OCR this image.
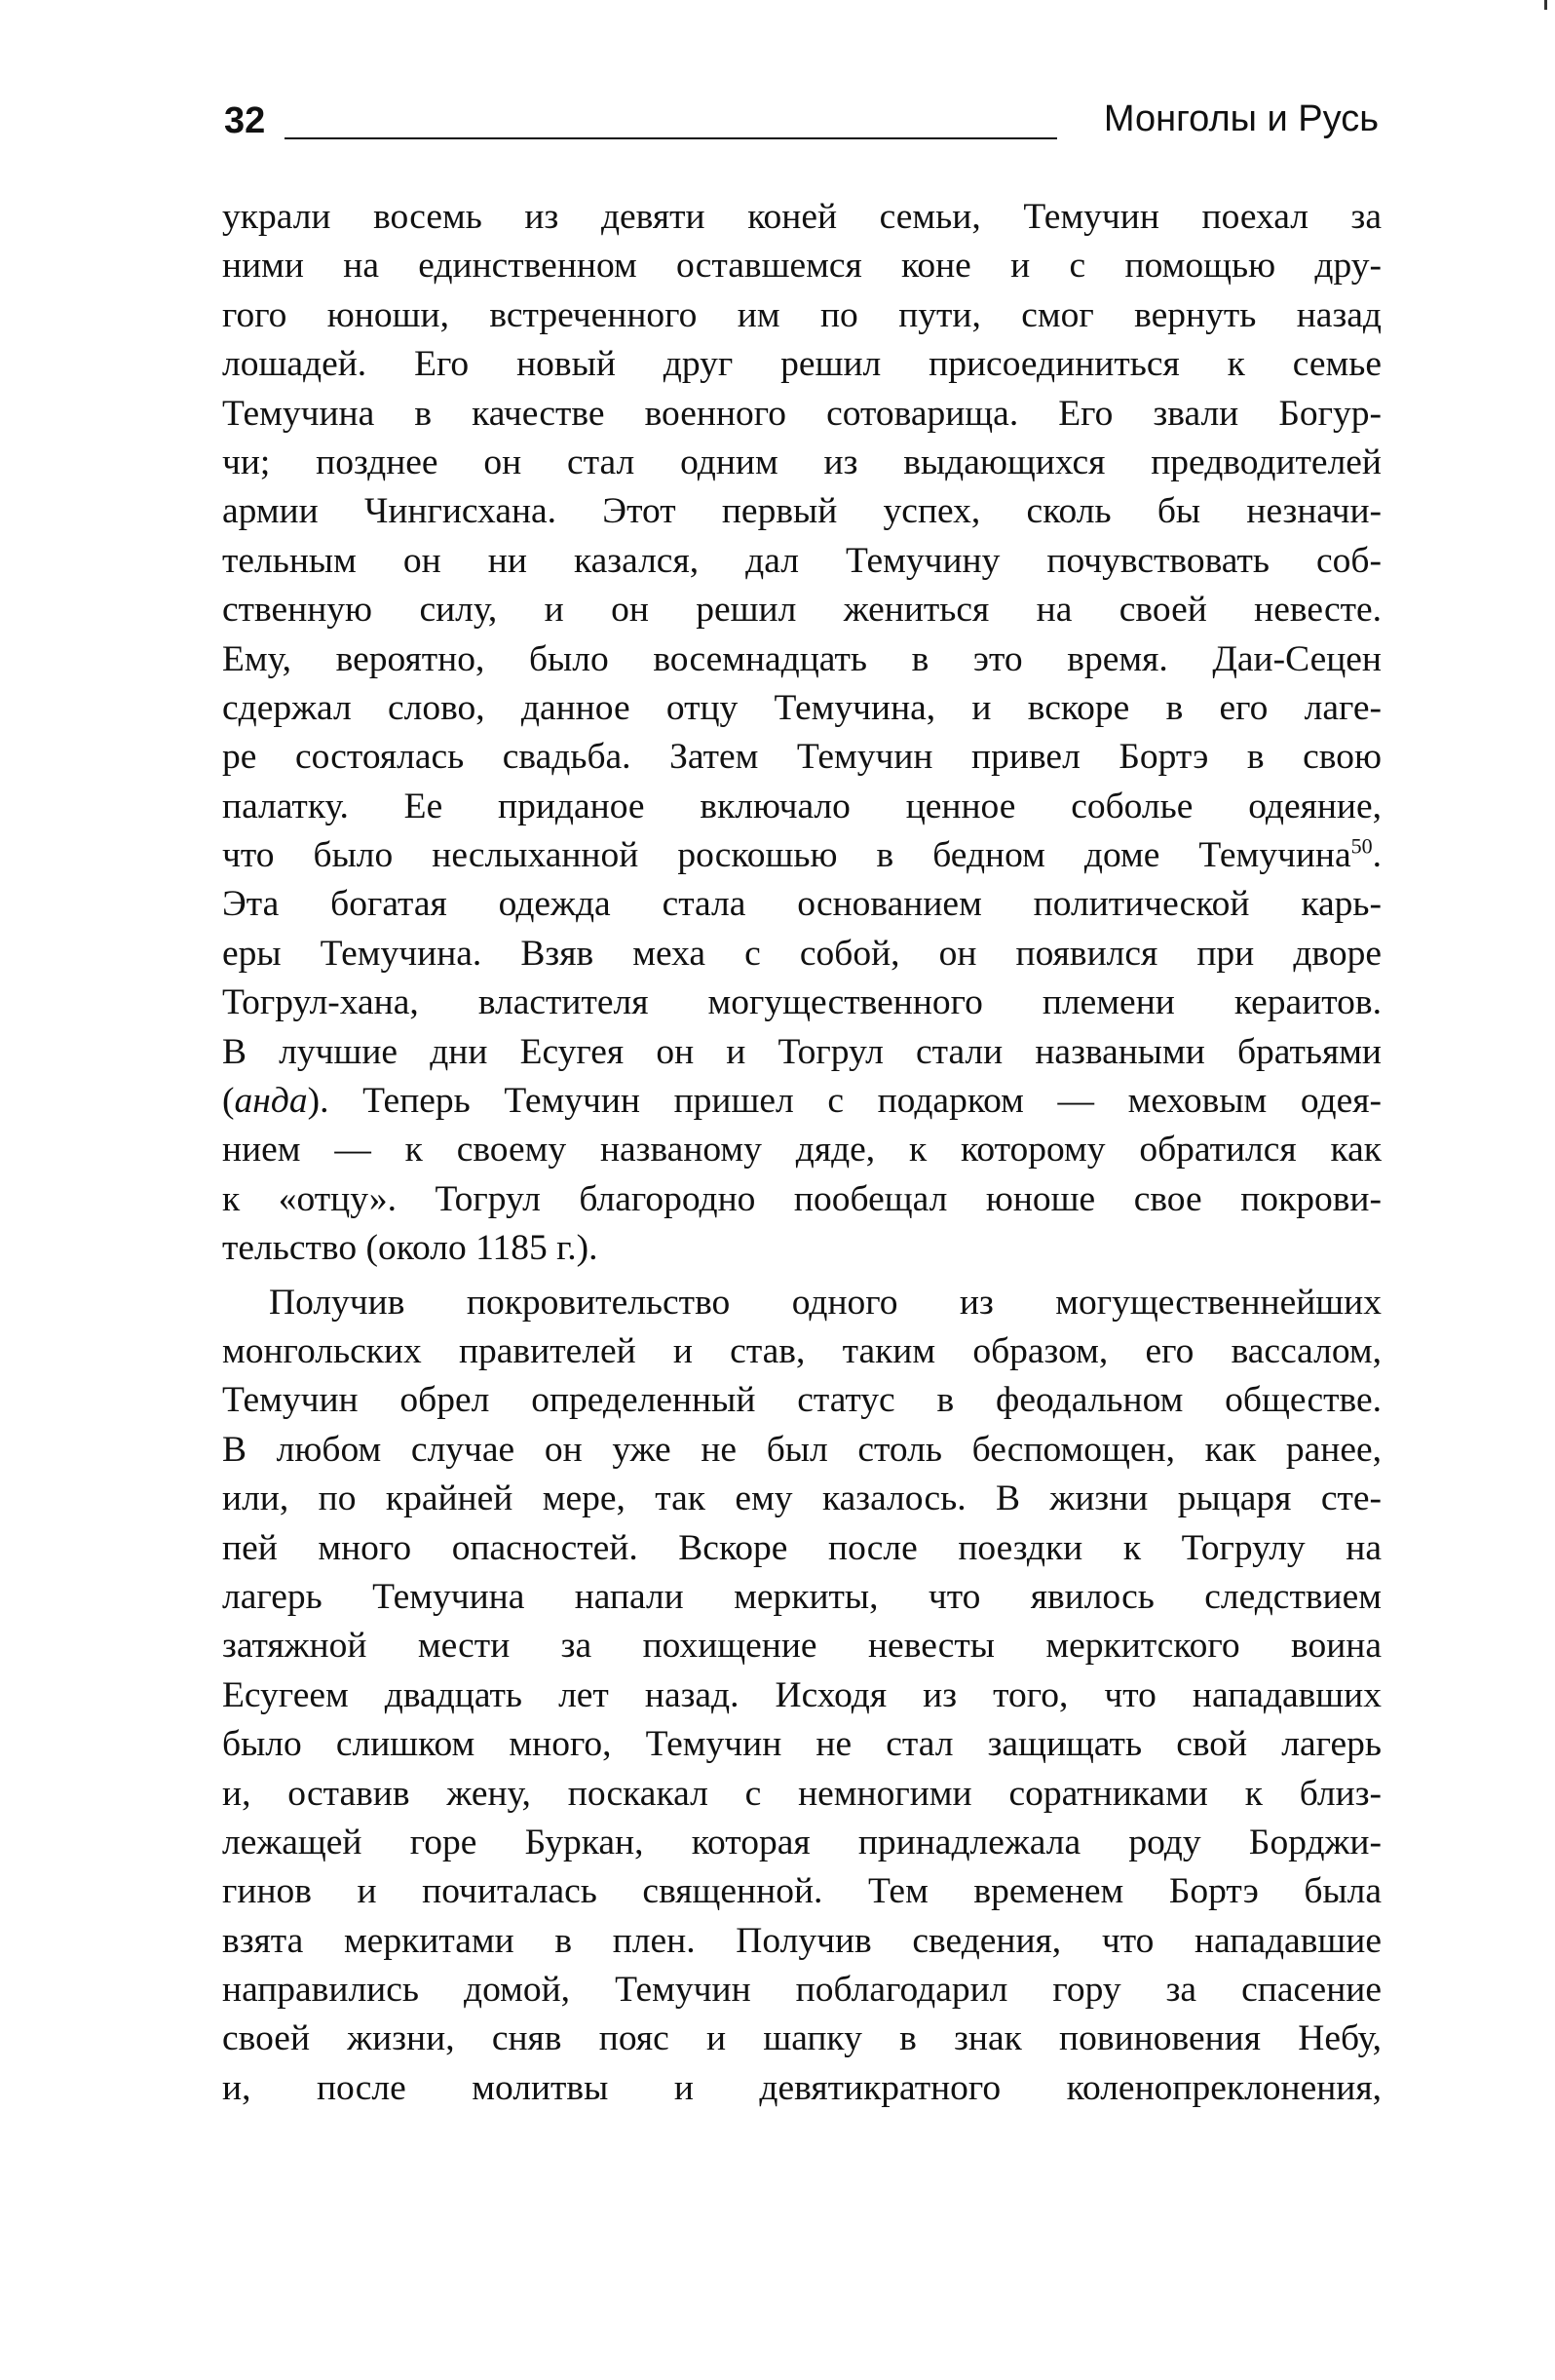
32	Монголы и Русь
украли восемь из девяти коней семьи, Темучин поехал за
ними на единственном оставшемся коне и с помощью дру-
гого юноши, встреченного им по пути, смог вернуть назад
лошадей. Его новый друг решил присоединиться к семье
Темучина в качестве военного сотоварища. Его звали Богур-
чи; позднее он стал одним из выдающихся предводителей
армии Чингисхана. Этот первый успех, сколь бы незначи-
тельным он ни казался, дал Темучину почувствовать соб-
ственную силу, и он решил жениться на своей невесте.
Ему, вероятно, было восемнадцать в это время. Даи-Сецен
сдержал слово, данное отцу Темучина, и вскоре в его лаге-
ре состоялась свадьба. Затем Темучин привел Бортэ в свою
палатку. Ее приданое включало ценное соболье одеяние,
что было неслыханной роскошью в бедном доме Темучина$^{50}$.
Эта богатая одежда стала основанием политической карь-
еры Темучина. Взяв меха с собой, он появился при дворе
Тогрул-хана, властителя могущественного племени кераитов.
В лучшие дни Есугея он и Тогрул стали назваными братьями
(анда). Теперь Темучин пришел с подарком — меховым одея-
нием — к своему названому дяде, к которому обратился как
к «отцу». Тогрул благородно пообещал юноше свое покрови-
тельство (около 1185 г.).
Получив покровительство одного из могущественнейших
монгольских правителей и став, таким образом, его вассалом,
Темучин обрел определенный статус в феодальном обществе.
В любом случае он уже не был столь беспомощен, как ранее,
или, по крайней мере, так ему казалось. В жизни рыцаря сте-
пей много опасностей. Вскоре после поездки к Тогрулу на
лагерь Темучина напали меркиты, что явилось следствием
затяжной мести за похищение невесты меркитского воина
Есугеем двадцать лет назад. Исходя из того, что нападавших
было слишком много, Темучин не стал защищать свой лагерь
и, оставив жену, поскакал с немногими соратниками к близ-
лежащей горе Буркан, которая принадлежала роду Борджи-
гинов и почиталась священной. Тем временем Бортэ была
взята меркитами в плен. Получив сведения, что нападавшие
направились домой, Темучин поблагодарил гору за спасение
своей жизни, сняв пояс и шапку в знак повиновения Небу,
и, после молитвы и девятикратного коленопреклонения,
